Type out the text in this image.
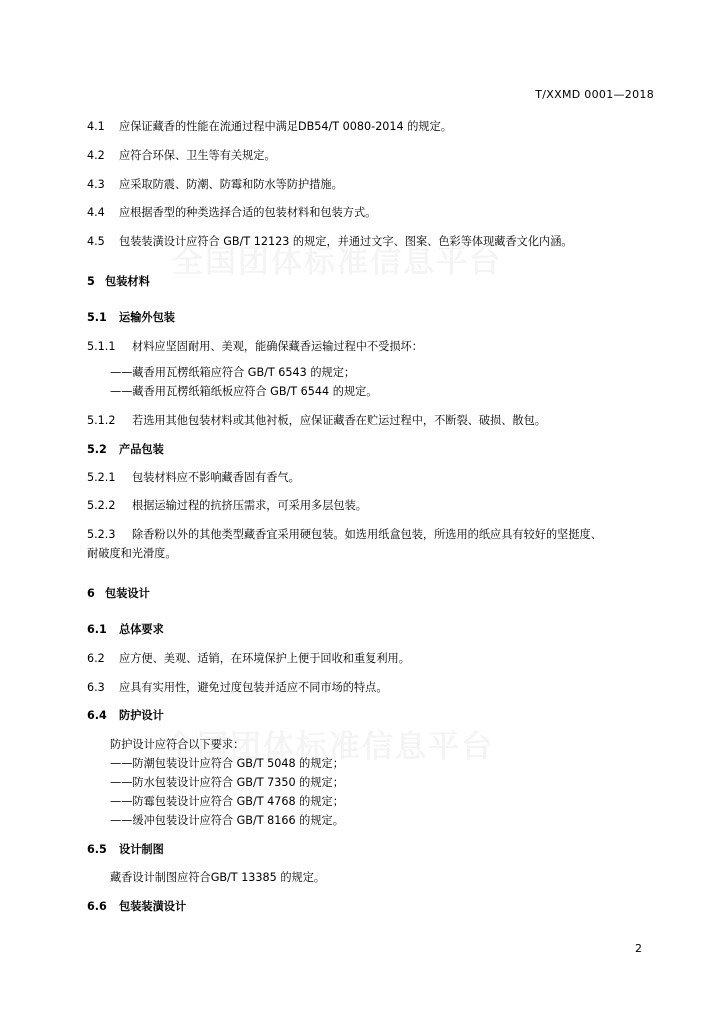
T/XXMD 0001—2018
4.1 应保证藏香的性能在流通过程中满足DB54/T 0080-2014 的规定。
4.2 应符合环保、卫生等有关规定。
4.3 应采取防震、防潮、防霉和防水等防护措施。
4.4 应根据香型的种类选择合适的包装材料和包装方式。
4.5 包装装潢设计应符合 GB/T 12123 的规定，并通过文字、图案、色彩等体现藏香文化内涵。
5 包装材料
5.1 运输外包装
5.1.1 材料应坚固耐用、美观，能确保藏香运输过程中不受损坏：
——藏香用瓦楞纸箱应符合 GB/T 6543 的规定；
——藏香用瓦楞纸箱纸板应符合 GB/T 6544 的规定。
5.1.2 若选用其他包装材料或其他衬板，应保证藏香在贮运过程中，不断裂、破损、散包。
5.2 产品包装
5.2.1 包装材料应不影响藏香固有香气。
5.2.2 根据运输过程的抗挤压需求，可采用多层包装。
5.2.3 除香粉以外的其他类型藏香宜采用硬包装。如选用纸盒包装，所选用的纸应具有较好的坚挺度、
耐破度和光滑度。
6 包装设计
6.1 总体要求
6.2 应方便、美观、适销，在环境保护上便于回收和重复利用。
6.3 应具有实用性，避免过度包装并适应不同市场的特点。
6.4 防护设计
防护设计应符合以下要求：
——防潮包装设计应符合 GB/T 5048 的规定；
——防水包装设计应符合 GB/T 7350 的规定；
——防霉包装设计应符合 GB/T 4768 的规定；
——缓冲包装设计应符合 GB/T 8166 的规定。
6.5 设计制图
藏香设计制图应符合GB/T 13385 的规定。
6.6 包装装潢设计
2
